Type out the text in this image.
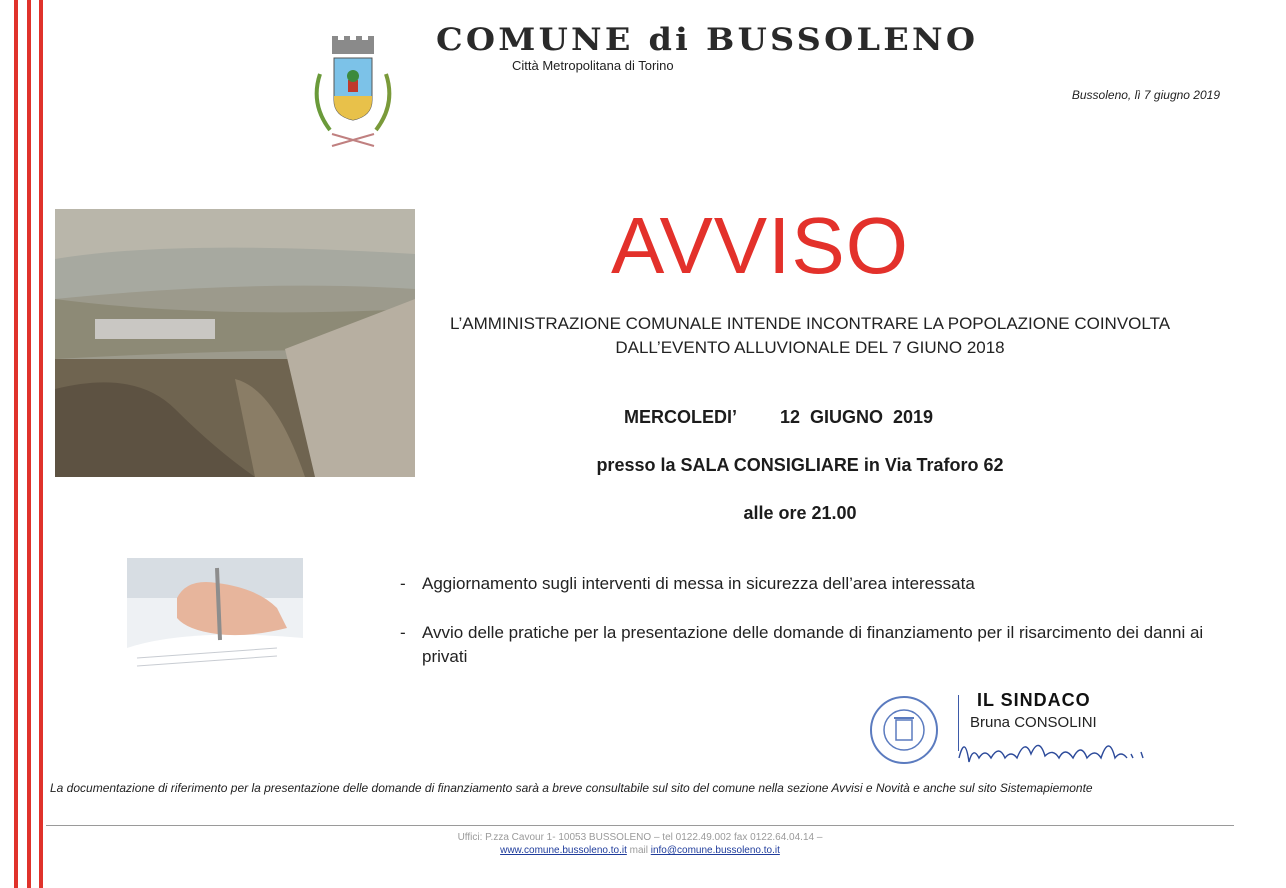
COMUNE di BUSSOLENO
Città Metropolitana di Torino
Bussoleno, lì 7 giugno 2019
AVVISO
L’AMMINISTRAZIONE COMUNALE INTENDE INCONTRARE LA POPOLAZIONE COINVOLTA
DALL’EVENTO ALLUVIONALE DEL 7 GIUNO 2018
MERCOLEDI’ 12  GIUGNO  2019
presso la SALA CONSIGLIARE in Via Traforo 62
alle ore 21.00
- Aggiornamento sugli interventi di messa in sicurezza dell’area interessata
- Avvio delle pratiche per la presentazione delle domande di finanziamento per il risarcimento dei danni ai privati
IL SINDACO
Bruna CONSOLINI
La documentazione di riferimento per la presentazione delle domande di finanziamento sarà a breve consultabile sul sito del comune nella sezione Avvisi e Novità e anche sul sito Sistemapiemonte
Uffici: P.zza Cavour 1- 10053 BUSSOLENO – tel 0122.49.002 fax 0122.64.04.14 –
www.comune.bussoleno.to.it mail info@comune.bussoleno.to.it
